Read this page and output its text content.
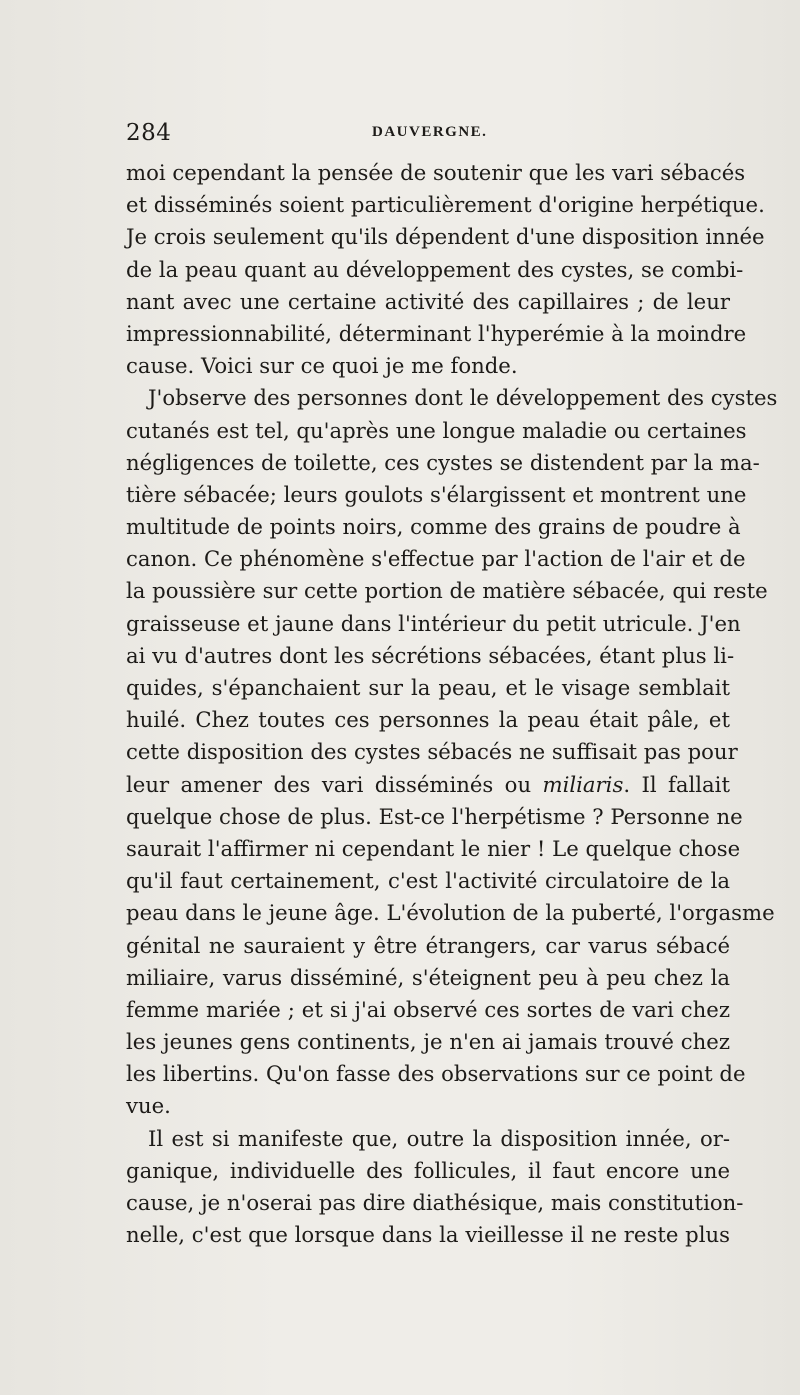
284	DAUVERGNE.
moi cependant la pensée de soutenir que les vari sébacés
et disséminés soient particulièrement d'origine herpétique.
Je crois seulement qu'ils dépendent d'une disposition innée
de la peau quant au développement des cystes, se combi-
nant avec une certaine activité des capillaires ; de leur
impressionnabilité, déterminant l'hyperémie à la moindre
cause. Voici sur ce quoi je me fonde.
J'observe des personnes dont le développement des cystes
cutanés est tel, qu'après une longue maladie ou certaines
négligences de toilette, ces cystes se distendent par la ma-
tière sébacée; leurs goulots s'élargissent et montrent une
multitude de points noirs, comme des grains de poudre à
canon. Ce phénomène s'effectue par l'action de l'air et de
la poussière sur cette portion de matière sébacée, qui reste
graisseuse et jaune dans l'intérieur du petit utricule. J'en
ai vu d'autres dont les sécrétions sébacées, étant plus li-
quides, s'épanchaient sur la peau, et le visage semblait
huilé. Chez toutes ces personnes la peau était pâle, et
cette disposition des cystes sébacés ne suffisait pas pour
leur amener des vari disséminés ou miliaris. Il fallait
quelque chose de plus. Est-ce l'herpétisme ? Personne ne
saurait l'affirmer ni cependant le nier ! Le quelque chose
qu'il faut certainement, c'est l'activité circulatoire de la
peau dans le jeune âge. L'évolution de la puberté, l'orgasme
génital ne sauraient y être étrangers, car varus sébacé
miliaire, varus disséminé, s'éteignent peu à peu chez la
femme mariée ; et si j'ai observé ces sortes de vari chez
les jeunes gens continents, je n'en ai jamais trouvé chez
les libertins. Qu'on fasse des observations sur ce point de
vue.
Il est si manifeste que, outre la disposition innée, or-
ganique, individuelle des follicules, il faut encore une
cause, je n'oserai pas dire diathésique, mais constitution-
nelle, c'est que lorsque dans la vieillesse il ne reste plus
